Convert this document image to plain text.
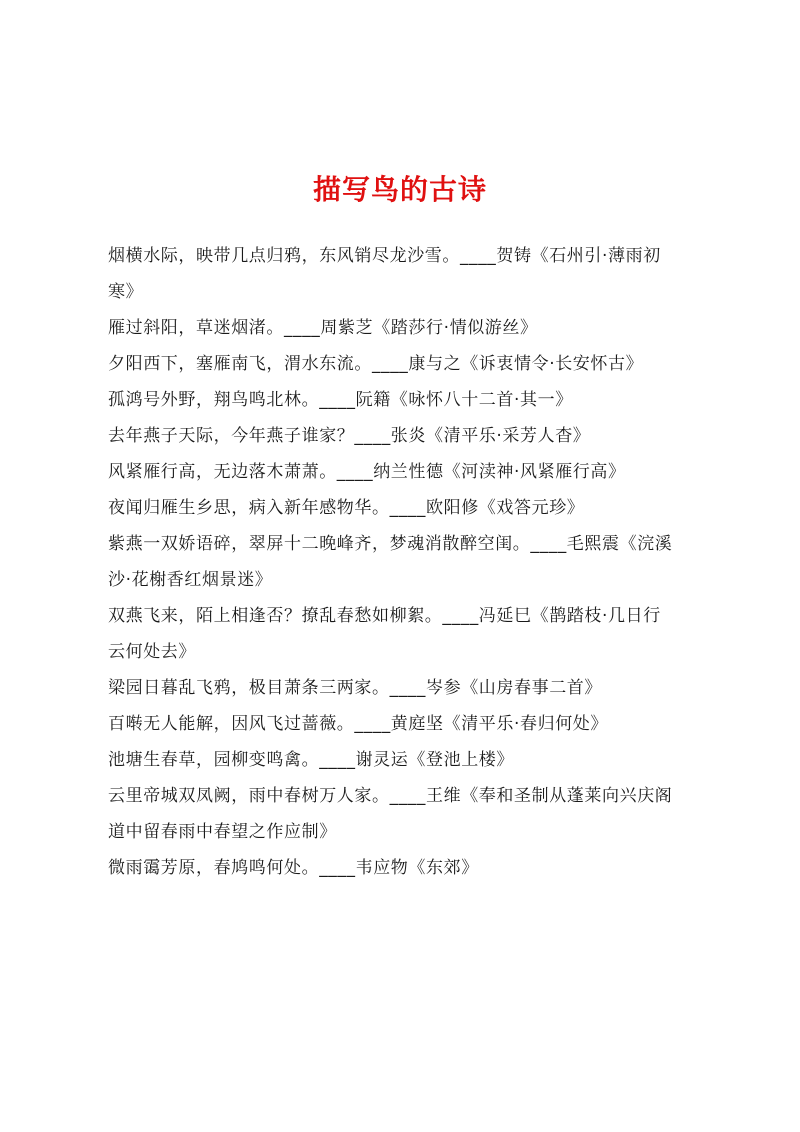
描写鸟的古诗
烟横水际，映带几点归鸦，东风销尽龙沙雪。____贺铸《石州引·薄雨初
寒》
雁过斜阳，草迷烟渚。____周紫芝《踏莎行·情似游丝》
夕阳西下，塞雁南飞，渭水东流。____康与之《诉衷情令·长安怀古》
孤鸿号外野，翔鸟鸣北林。____阮籍《咏怀八十二首·其一》
去年燕子天际，今年燕子谁家？____张炎《清平乐·采芳人杳》
风紧雁行高，无边落木萧萧。____纳兰性德《河渎神·风紧雁行高》
夜闻归雁生乡思，病入新年感物华。____欧阳修《戏答元珍》
紫燕一双娇语碎，翠屏十二晚峰齐，梦魂消散醉空闺。____毛熙震《浣溪
沙·花榭香红烟景迷》
双燕飞来，陌上相逢否？撩乱春愁如柳絮。____冯延巳《鹊踏枝·几日行
云何处去》
梁园日暮乱飞鸦，极目萧条三两家。____岑参《山房春事二首》
百啭无人能解，因风飞过蔷薇。____黄庭坚《清平乐·春归何处》
池塘生春草，园柳变鸣禽。____谢灵运《登池上楼》
云里帝城双凤阙，雨中春树万人家。____王维《奉和圣制从蓬莱向兴庆阁
道中留春雨中春望之作应制》
微雨霭芳原，春鸠鸣何处。____韦应物《东郊》
